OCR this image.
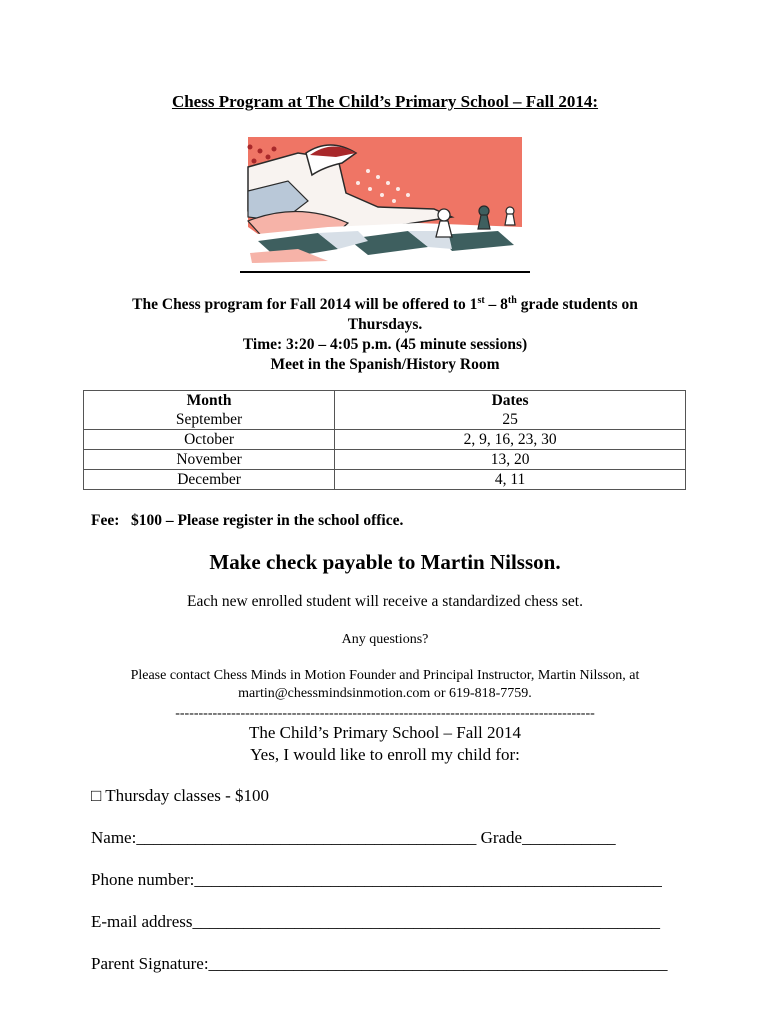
Chess Program at The Child’s Primary School – Fall 2014:
The Chess program for Fall 2014 will be offered to 1st – 8th grade students on
Thursdays.
Time: 3:20 – 4:05 p.m. (45 minute sessions)
Meet in the Spanish/History Room
Month	Dates
September	25
October	2, 9, 16, 23, 30
November	13, 20
December	4, 11
Fee:   $100 – Please register in the school office.
Make check payable to Martin Nilsson.
Each new enrolled student will receive a standardized chess set.
Any questions?
Please contact Chess Minds in Motion Founder and Principal Instructor, Martin Nilsson, at
martin@chessmindsinmotion.com or 619-818-7759.
------------------------------------------------------------------------------------------
The Child’s Primary School – Fall 2014
Yes, I would like to enroll my child for:
□ Thursday classes - $100
Name:________________________________________ Grade___________
Phone number:_______________________________________________________
E-mail address_______________________________________________________
Parent Signature:______________________________________________________
